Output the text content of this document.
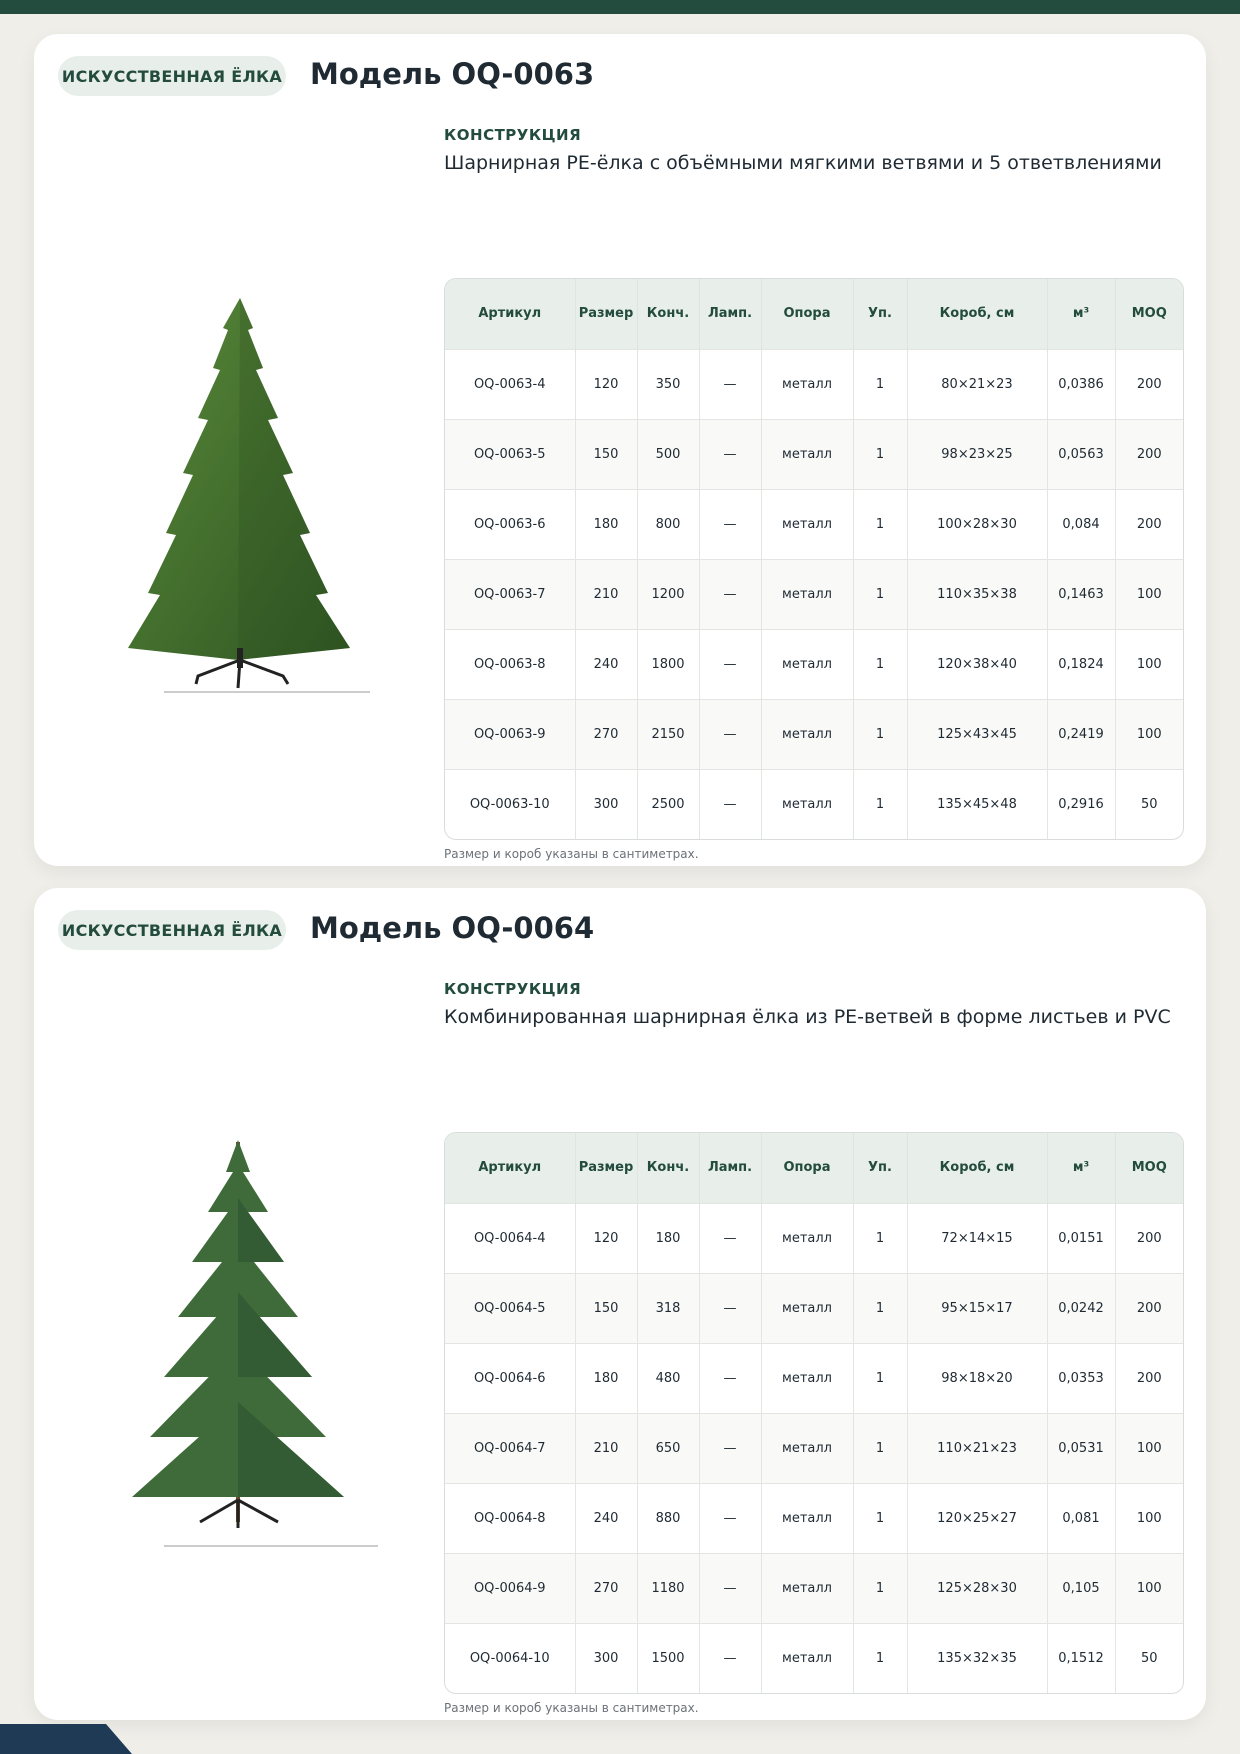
ИСКУССТВЕННАЯ ЁЛКА Модель OQ-0063
КОНСТРУКЦИЯ
Шарнирная PE-ёлка с объёмными мягкими ветвями и 5 ответвлениями
Артикул	Размер	Конч.	Ламп.	Опора	Уп.	Короб, см	м³	MOQ
OQ-0063-4	120	350	—	металл	1	80×21×23	0,0386	200
OQ-0063-5	150	500	—	металл	1	98×23×25	0,0563	200
OQ-0063-6	180	800	—	металл	1	100×28×30	0,084	200
OQ-0063-7	210	1200	—	металл	1	110×35×38	0,1463	100
OQ-0063-8	240	1800	—	металл	1	120×38×40	0,1824	100
OQ-0063-9	270	2150	—	металл	1	125×43×45	0,2419	100
OQ-0063-10	300	2500	—	металл	1	135×45×48	0,2916	50
Размер и короб указаны в сантиметрах.
ИСКУССТВЕННАЯ ЁЛКА Модель OQ-0064
КОНСТРУКЦИЯ
Комбинированная шарнирная ёлка из PE-ветвей в форме листьев и PVC
Артикул	Размер	Конч.	Ламп.	Опора	Уп.	Короб, см	м³	MOQ
OQ-0064-4	120	180	—	металл	1	72×14×15	0,0151	200
OQ-0064-5	150	318	—	металл	1	95×15×17	0,0242	200
OQ-0064-6	180	480	—	металл	1	98×18×20	0,0353	200
OQ-0064-7	210	650	—	металл	1	110×21×23	0,0531	100
OQ-0064-8	240	880	—	металл	1	120×25×27	0,081	100
OQ-0064-9	270	1180	—	металл	1	125×28×30	0,105	100
OQ-0064-10	300	1500	—	металл	1	135×32×35	0,1512	50
Размер и короб указаны в сантиметрах.
